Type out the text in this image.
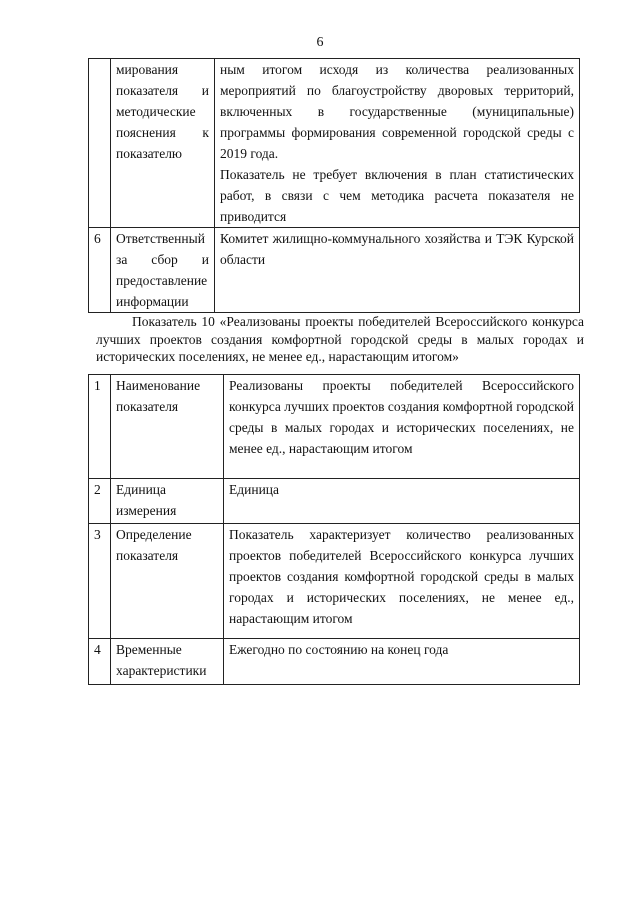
6
	мирования показателя и методические пояснения к показателю	ным итогом исходя из количества реализованных мероприятий по благоустройству дворовых территорий, включенных в государственные (муниципальные) программы формирования современной городской среды с 2019 года.

Показатель не требует включения в план статистических работ, в связи с чем методика расчета показателя не приводится

6	Ответственный за сбор и предоставление информации	Комитет жилищно-коммунального хозяйства и ТЭК Курской области

Показатель 10 «Реализованы проекты победителей Всероссийского конкурса лучших проектов создания комфортной городской среды в малых городах и исторических поселениях, не менее ед., нарастающим итогом»
1	Наименование показателя	Реализованы проекты победителей Всероссийского конкурса лучших проектов создания комфортной городской среды в малых городах и исторических поселениях, не менее ед., нарастающим итогом
2	Единица измерения	Единица
3	Определение показателя	Показатель характеризует количество реализованных проектов победителей Всероссийского конкурса лучших проектов создания комфортной городской среды в малых городах и исторических поселениях, не менее ед., нарастающим итогом
4	Временные характеристики	Ежегодно по состоянию на конец года
